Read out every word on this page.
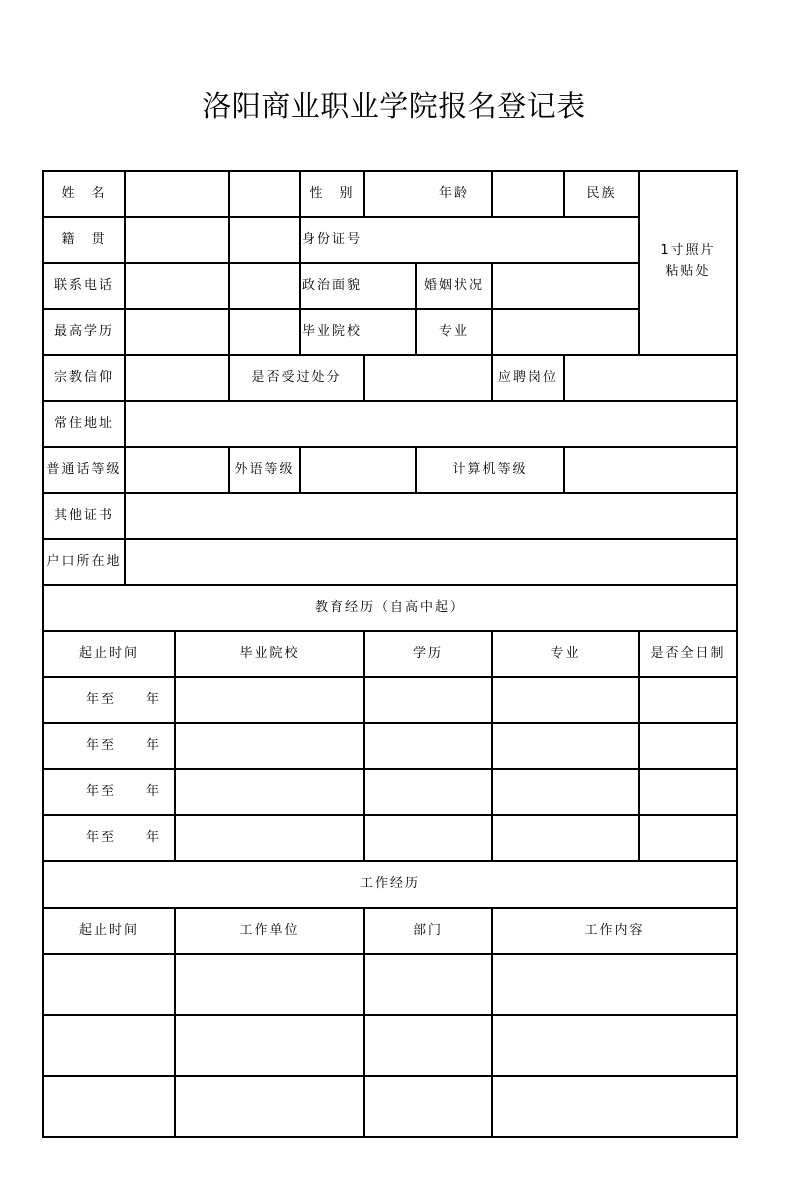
洛阳商业职业学院报名登记表
姓　名	性　别	年龄	民族
1寸照片
粘贴处
籍　贯	身份证号
联系电话	政治面貌	婚姻状况
最高学历	毕业院校	专业
宗教信仰	是否受过处分	应聘岗位
常住地址
普通话等级	外语等级	计算机等级
其他证书
户口所在地
教育经历（自高中起）
起止时间	毕业院校	学历	专业	是否全日制
年至　　年
年至　　年
年至　　年
年至　　年
工作经历
起止时间	工作单位	部门	工作内容
